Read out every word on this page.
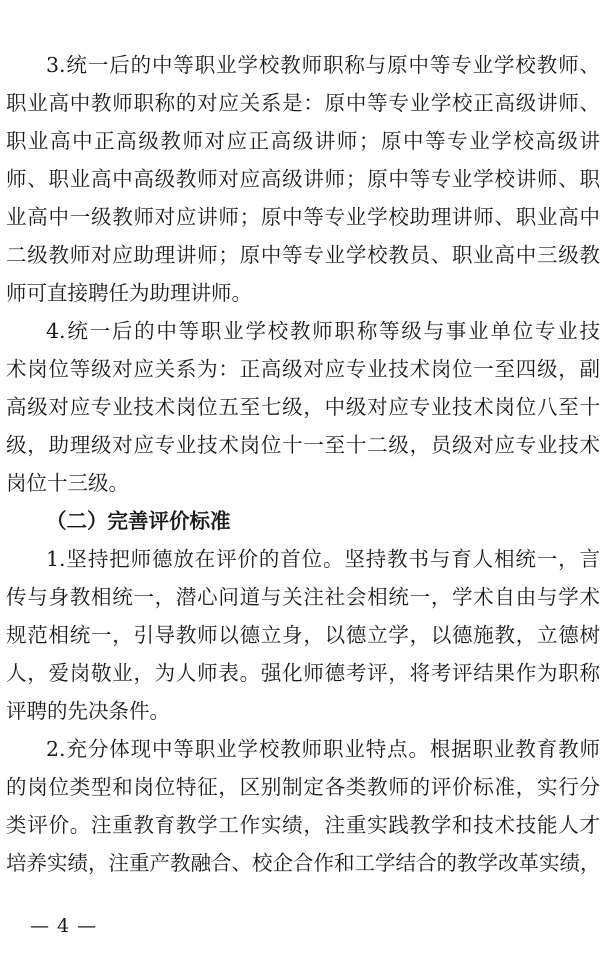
3.统一后的中等职业学校教师职称与原中等专业学校教师、
职业高中教师职称的对应关系是：原中等专业学校正高级讲师、
职业高中正高级教师对应正高级讲师；原中等专业学校高级讲
师、职业高中高级教师对应高级讲师；原中等专业学校讲师、职
业高中一级教师对应讲师；原中等专业学校助理讲师、职业高中
二级教师对应助理讲师；原中等专业学校教员、职业高中三级教
师可直接聘任为助理讲师。
4.统一后的中等职业学校教师职称等级与事业单位专业技
术岗位等级对应关系为：正高级对应专业技术岗位一至四级，副
高级对应专业技术岗位五至七级，中级对应专业技术岗位八至十
级，助理级对应专业技术岗位十一至十二级，员级对应专业技术
岗位十三级。
（二）完善评价标准
1.坚持把师德放在评价的首位。坚持教书与育人相统一，言
传与身教相统一，潜心问道与关注社会相统一，学术自由与学术
规范相统一，引导教师以德立身，以德立学，以德施教，立德树
人，爱岗敬业，为人师表。强化师德考评，将考评结果作为职称
评聘的先决条件。
2.充分体现中等职业学校教师职业特点。根据职业教育教师
的岗位类型和岗位特征，区别制定各类教师的评价标准，实行分
类评价。注重教育教学工作实绩，注重实践教学和技术技能人才
培养实绩，注重产教融合、校企合作和工学结合的教学改革实绩，
— 4 —
